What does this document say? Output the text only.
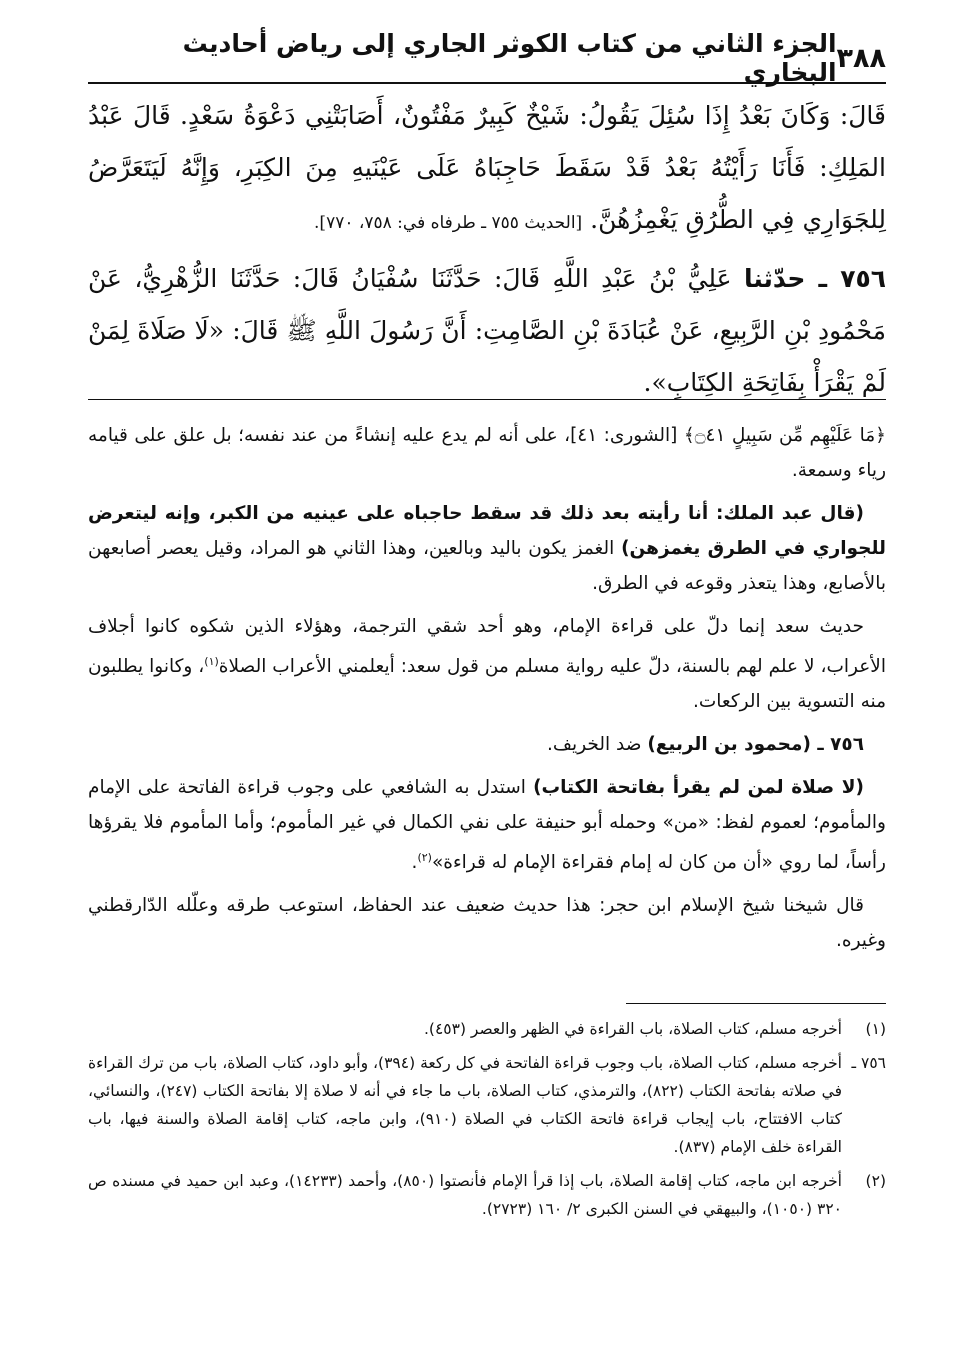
٣٨٨
الجزء الثاني من كتاب الكوثر الجاري إلى رياض أحاديث البخاري

قَالَ: وَكَانَ بَعْدُ إِذَا سُئِلَ يَقُولُ: شَيْخٌ كَبِيرٌ مَفْتُونٌ، أَصَابَتْنِي دَعْوَةُ سَعْدٍ. قَالَ عَبْدُ المَلِكِ: فَأَنَا رَأَيْتُهُ بَعْدُ قَدْ سَقَطَ حَاجِبَاهُ عَلَى عَيْنَيهِ مِنَ الكِبَرِ، وَإِنَّهُ لَيَتَعَرَّضُ لِلجَوَارِي فِي الطُّرُقِ يَغْمِزُهُنَّ. [الحديث ٧٥٥ ـ طرفاه في: ٧٥٨، ٧٧٠].

٧٥٦ ـ حدّثنا عَلِيُّ بْنُ عَبْدِ اللَّهِ قَالَ: حَدَّثَنَا سُفْيَانُ قَالَ: حَدَّثَنَا الزُّهْرِيُّ، عَنْ مَحْمُودِ بْنِ الرَّبِيعِ، عَنْ عُبَادَةَ بْنِ الصَّامِتِ: أَنَّ رَسُولَ اللَّهِ ﷺ قَالَ: «لَا صَلَاةَ لِمَنْ لَمْ يَقْرَأْ بِفَاتِحَةِ الكِتَابِ».

﴿مَا عَلَيْهِم مِّن سَبِيلٍ ۝٤١﴾ [الشورى: ٤١]، على أنه لم يدع عليه إنشاءً من عند نفسه؛ بل علق على قيامه رياء وسمعة.

(قال عبد الملك: أنا رأيته بعد ذلك قد سقط حاجباه على عينيه من الكبر، وإنه ليتعرض للجواري في الطرق يغمزهن) الغمز يكون باليد وبالعين، وهذا الثاني هو المراد، وقيل يعصر أصابعهن بالأصابع، وهذا يتعذر وقوعه في الطرق.

حديث سعد إنما دلّ على قراءة الإمام، وهو أحد شقي الترجمة، وهؤلاء الذين شكوه كانوا أجلاف الأعراب، لا علم لهم بالسنة، دلّ عليه رواية مسلم من قول سعد: أيعلمني الأعراب الصلاة$^{(١)}$، وكانوا يطلبون منه التسوية بين الركعات.

٧٥٦ ـ (محمود بن الربيع) ضد الخريف.

(لا صلاة لمن لم يقرأ بفاتحة الكتاب) استدل به الشافعي على وجوب قراءة الفاتحة على الإمام والمأموم؛ لعموم لفظ: «من» وحمله أبو حنيفة على نفي الكمال في غير المأموم؛ وأما المأموم فلا يقرؤها رأساً، لما روي «أن من كان له إمام فقراءة الإمام له قراءة»$^{(٢)}$.

قال شيخنا شيخ الإسلام ابن حجر: هذا حديث ضعيف عند الحفاظ، استوعب طرقه وعلّله الدّارقطني وغيره.

(١)
أخرجه مسلم، كتاب الصلاة، باب القراءة في الظهر والعصر (٤٥٣).
٧٥٦ ـ
أخرجه مسلم، كتاب الصلاة، باب وجوب قراءة الفاتحة في كل ركعة (٣٩٤)، وأبو داود، كتاب الصلاة، باب من ترك القراءة في صلاته بفاتحة الكتاب (٨٢٢)، والترمذي، كتاب الصلاة، باب ما جاء في أنه لا صلاة إلا بفاتحة الكتاب (٢٤٧)، والنسائي، كتاب الافتتاح، باب إيجاب قراءة فاتحة الكتاب في الصلاة (٩١٠)، وابن ماجه، كتاب إقامة الصلاة والسنة فيها، باب القراءة خلف الإمام (٨٣٧).
(٢)
أخرجه ابن ماجه، كتاب إقامة الصلاة، باب إذا قرأ الإمام فأنصتوا (٨٥٠)، وأحمد (١٤٢٣٣)، وعبد ابن حميد في مسنده ص ٣٢٠ (١٠٥٠)، والبيهقي في السنن الكبرى ٢/ ١٦٠ (٢٧٢٣).
